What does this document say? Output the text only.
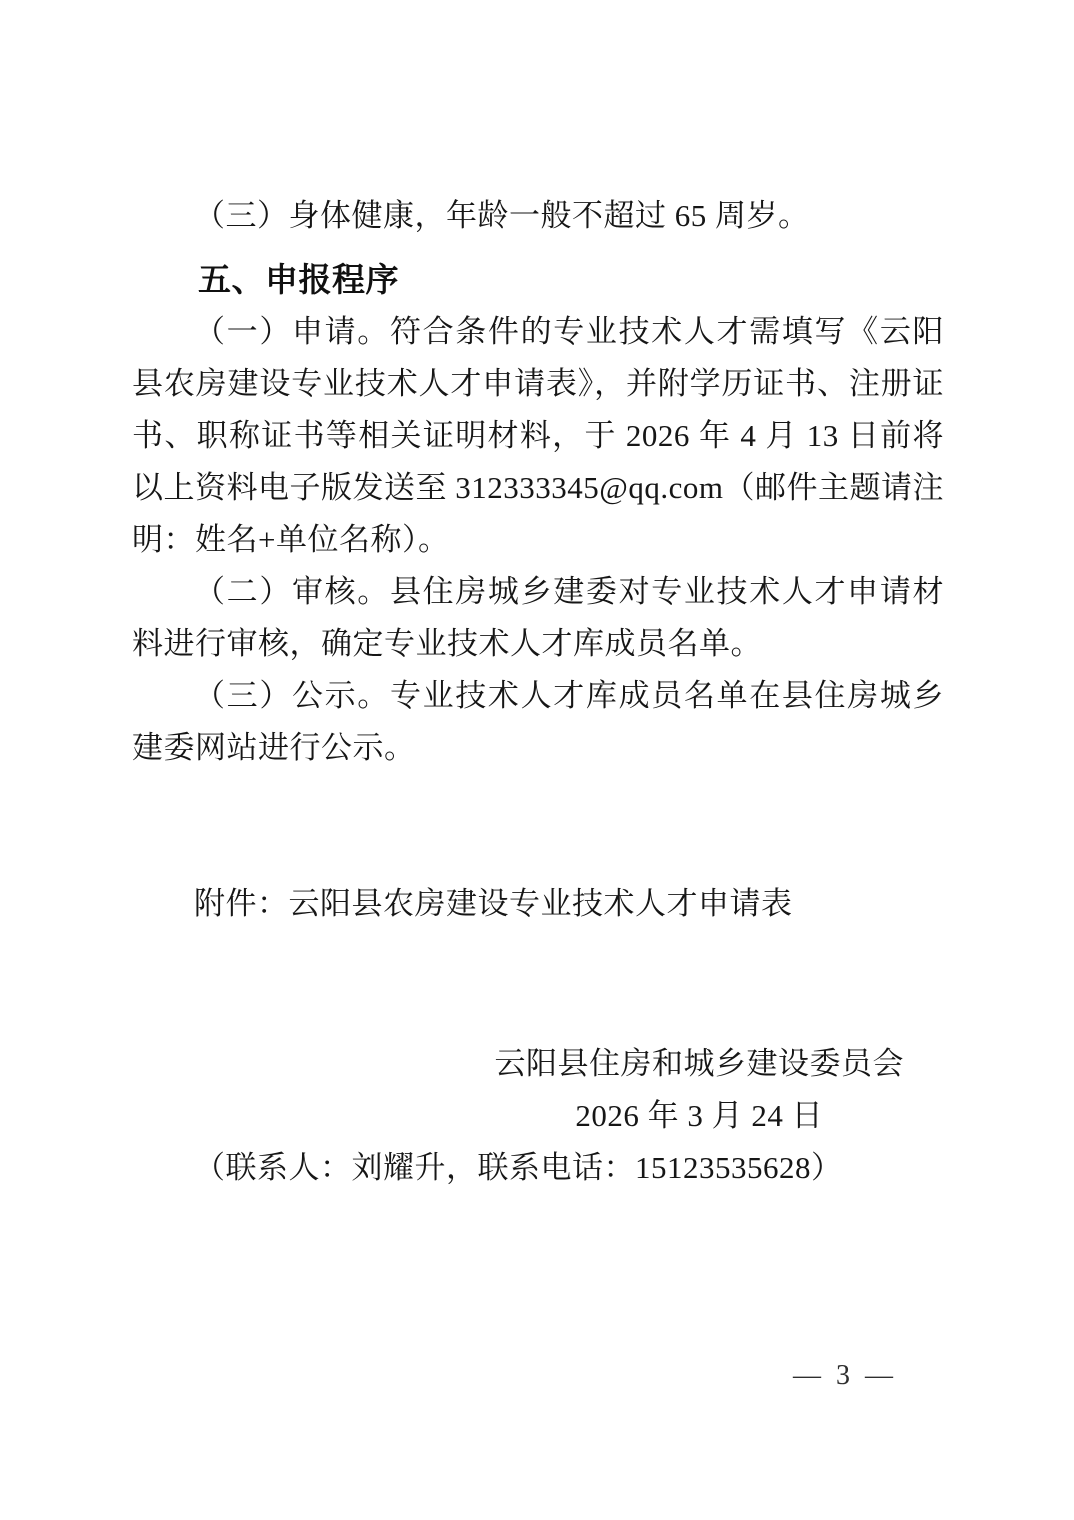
（三）身体健康，年龄一般不超过 65 周岁。

五、申报程序

（一）申请。符合条件的专业技术人才需填写《云阳县农房建设专业技术人才申请表》，并附学历证书、注册证书、职称证书等相关证明材料，于 2026 年 4 月 13 日前将以上资料电子版发送至 312333345@qq.com（邮件主题请注明：姓名+单位名称）。

（二）审核。县住房城乡建委对专业技术人才申请材料进行审核，确定专业技术人才库成员名单。

（三）公示。专业技术人才库成员名单在县住房城乡建委网站进行公示。

附件：云阳县农房建设专业技术人才申请表

云阳县住房和城乡建设委员会
2026 年 3 月 24 日

（联系人：刘耀升，联系电话：15123535628）

— 3 —
